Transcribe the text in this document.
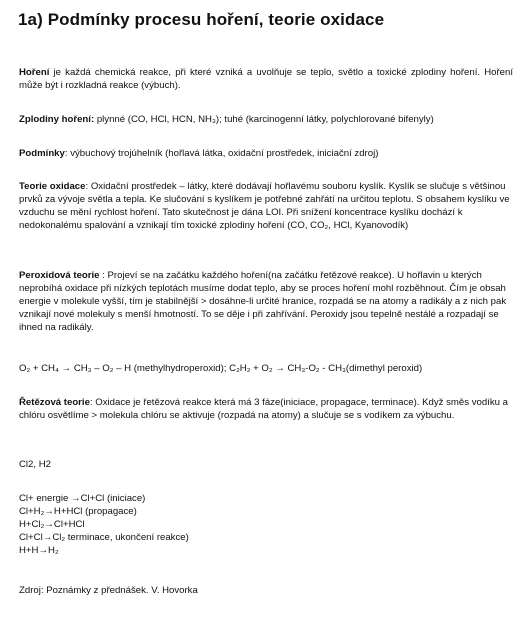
1a) Podmínky procesu hoření, teorie oxidace

Hoření je každá chemická reakce, při které vzniká a uvolňuje se teplo, světlo a toxické zplodiny hoření. Hoření může být i rozkladná reakce (výbuch).

Zplodiny hoření: plynné (CO, HCl, HCN, NH₃); tuhé (karcinogenní látky, polychlorované bifenyly)

Podmínky: výbuchový trojúhelník (hořlavá látka, oxidační prostředek, iniciační zdroj)

Teorie oxidace: Oxidační prostředek – látky, které dodávají hořlavému souboru kyslík. Kyslík se slučuje s většinou prvků za vývoje světla a tepla. Ke slučování s kyslíkem je potřebné zahřátí na určitou teplotu. S obsahem kyslíku ve vzduchu se mění rychlost hoření. Tato skutečnost je dána LOI. Při snížení koncentrace kyslíku dochází k nedokonalému spalování a vznikají tím toxické zplodiny hoření (CO, CO₂, HCl, Kyanovodík)

Peroxidová teorie : Projeví se na začátku každého hoření(na začátku řetězové reakce). U hořlavin u kterých neprobíhá oxidace při nízkých teplotách musíme dodat teplo, aby se proces hoření mohl rozběhnout. Čím je obsah energie v molekule vyšší, tím je stabilnější > dosáhne-li určité hranice, rozpadá se na atomy a radikály a z nich pak vznikají nové molekuly s menší hmotností. To se děje i při zahřívání. Peroxidy jsou tepelně nestálé a rozpadají se ihned na radikály.

O₂ + CH₄ → CH₃ – O₂ – H (methylhydroperoxid); C₂H₂ + O₂ → CH₃-O₂ - CH₃(dimethyl peroxid)

Řetězová teorie: Oxidace je řetězová reakce která má 3 fáze(iniciace, propagace, terminace). Když směs vodíku a chlóru osvětlíme > molekula chlóru se aktivuje (rozpadá na atomy) a slučuje se s vodíkem za výbuchu.

Cl2, H2

Cl+ energie →Cl+Cl (iniciace)
Cl+H₂→H+HCl (propagace)
H+Cl₂→Cl+HCl
Cl+Cl→Cl₂ terminace, ukončení reakce)
H+H→H₂

Zdroj: Poznámky z přednášek. V. Hovorka
